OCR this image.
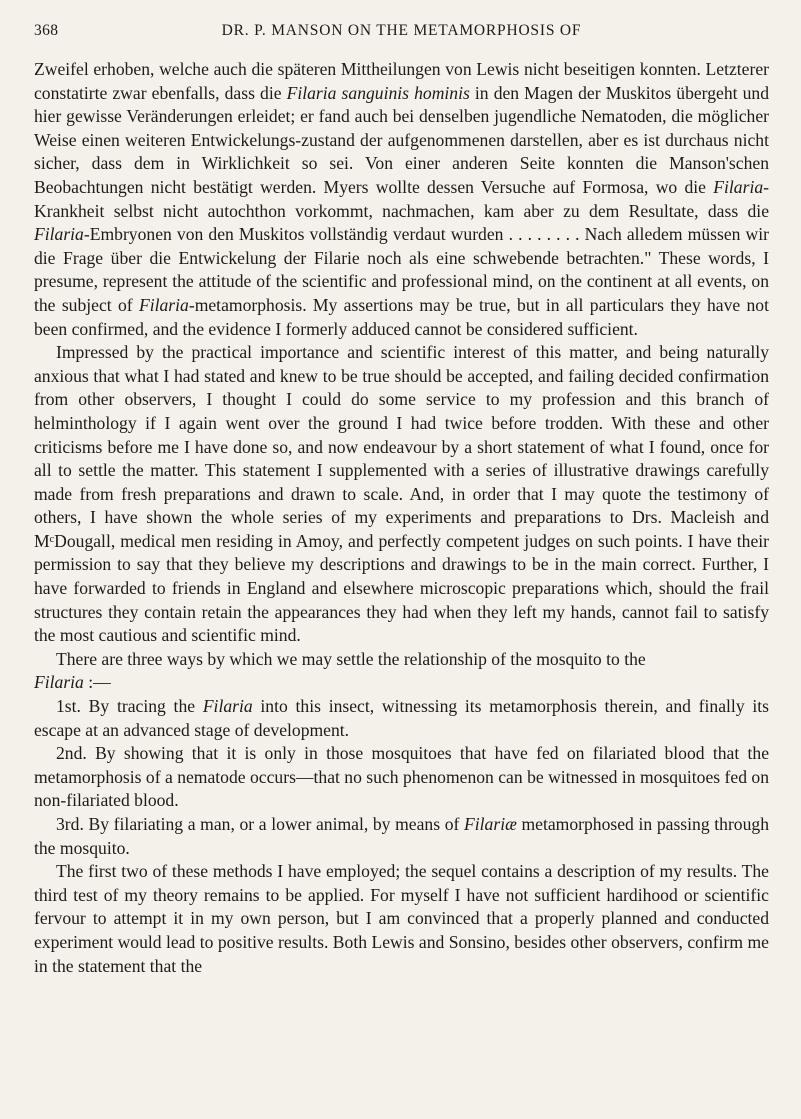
368	DR. P. MANSON ON THE METAMORPHOSIS OF

Zweifel erhoben, welche auch die späteren Mittheilungen von Lewis nicht beseitigen konnten. Letzterer constatirte zwar ebenfalls, dass die Filaria sanguinis hominis in den Magen der Muskitos übergeht und hier gewisse Veränderungen erleidet; er fand auch bei denselben jugendliche Nematoden, die möglicher Weise einen weiteren Entwickelungs-zustand der aufgenommenen darstellen, aber es ist durchaus nicht sicher, dass dem in Wirklichkeit so sei. Von einer anderen Seite konnten die Manson'schen Beobachtungen nicht bestätigt werden. Myers wollte dessen Versuche auf Formosa, wo die Filaria-Krankheit selbst nicht autochthon vorkommt, nachmachen, kam aber zu dem Resultate, dass die Filaria-Embryonen von den Muskitos vollständig verdaut wurden . . . . . . . . Nach alledem müssen wir die Frage über die Entwickelung der Filarie noch als eine schwebende betrachten." These words, I presume, represent the attitude of the scientific and professional mind, on the continent at all events, on the subject of Filaria-metamorphosis. My assertions may be true, but in all particulars they have not been confirmed, and the evidence I formerly adduced cannot be considered sufficient.

Impressed by the practical importance and scientific interest of this matter, and being naturally anxious that what I had stated and knew to be true should be accepted, and failing decided confirmation from other observers, I thought I could do some service to my profession and this branch of helminthology if I again went over the ground I had twice before trodden. With these and other criticisms before me I have done so, and now endeavour by a short statement of what I found, once for all to settle the matter. This statement I supplemented with a series of illustrative drawings carefully made from fresh preparations and drawn to scale. And, in order that I may quote the testimony of others, I have shown the whole series of my experiments and preparations to Drs. Macleish and MᶜDougall, medical men residing in Amoy, and perfectly competent judges on such points. I have their permission to say that they believe my descriptions and drawings to be in the main correct. Further, I have forwarded to friends in England and elsewhere microscopic preparations which, should the frail structures they contain retain the appearances they had when they left my hands, cannot fail to satisfy the most cautious and scientific mind.

There are three ways by which we may settle the relationship of the mosquito to the
Filaria :—

1st. By tracing the Filaria into this insect, witnessing its metamorphosis therein, and finally its escape at an advanced stage of development.

2nd. By showing that it is only in those mosquitoes that have fed on filariated blood that the metamorphosis of a nematode occurs—that no such phenomenon can be witnessed in mosquitoes fed on non-filariated blood.

3rd. By filariating a man, or a lower animal, by means of Filariæ metamorphosed in passing through the mosquito.

The first two of these methods I have employed; the sequel contains a description of my results. The third test of my theory remains to be applied. For myself I have not sufficient hardihood or scientific fervour to attempt it in my own person, but I am convinced that a properly planned and conducted experiment would lead to positive results. Both Lewis and Sonsino, besides other observers, confirm me in the statement that the
